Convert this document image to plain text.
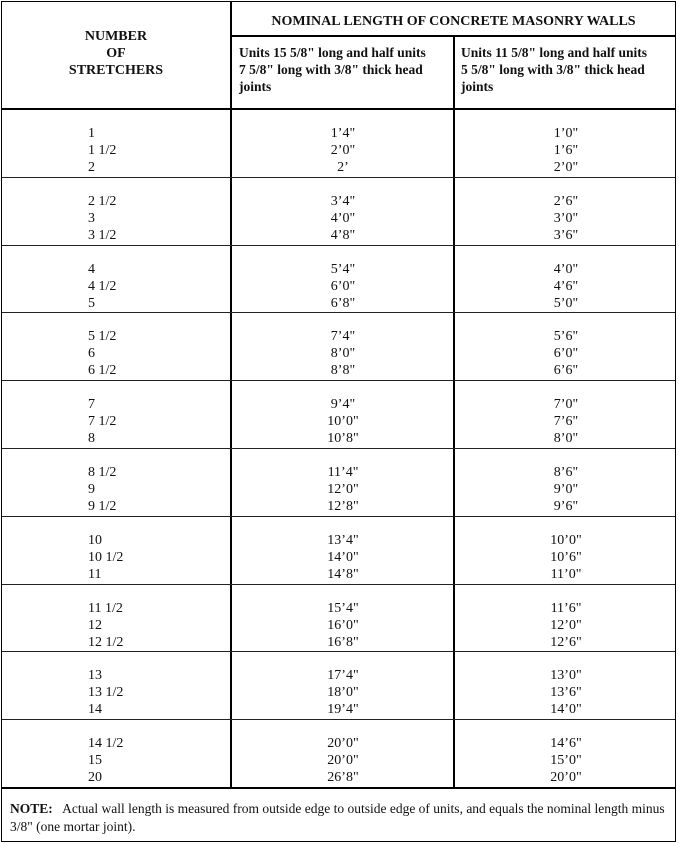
NUMBER
OF
STRETCHERS
NOMINAL LENGTH OF CONCRETE MASONRY WALLS
Units 15 5/8" long and half units
7 5/8" long with 3/8" thick head
joints
Units 11 5/8" long and half units
5 5/8" long with 3/8" thick head
joints
1
1 1/2
2
1’4"
2’0"
2’
1’0"
1’6"
2’0"
2 1/2
3
3 1/2
3’4"
4’0"
4’8"
2’6"
3’0"
3’6"
4
4 1/2
5
5’4"
6’0"
6’8"
4’0"
4’6"
5’0"
5 1/2
6
6 1/2
7’4"
8’0"
8’8"
5’6"
6’0"
6’6"
7
7 1/2
8
9’4"
10’0"
10’8"
7’0"
7’6"
8’0"
8 1/2
9
9 1/2
11’4"
12’0"
12’8"
8’6"
9’0"
9’6"
10
10 1/2
11
13’4"
14’0"
14’8"
10’0"
10’6"
11’0"
11 1/2
12
12 1/2
15’4"
16’0"
16’8"
11’6"
12’0"
12’6"
13
13 1/2
14
17’4"
18’0"
19’4"
13’0"
13’6"
14’0"
14 1/2
15
20
20’0"
20’0"
26’8"
14’6"
15’0"
20’0"
NOTE: Actual wall length is measured from outside edge to outside edge of units, and equals the nominal length minus 3/8" (one mortar joint).
